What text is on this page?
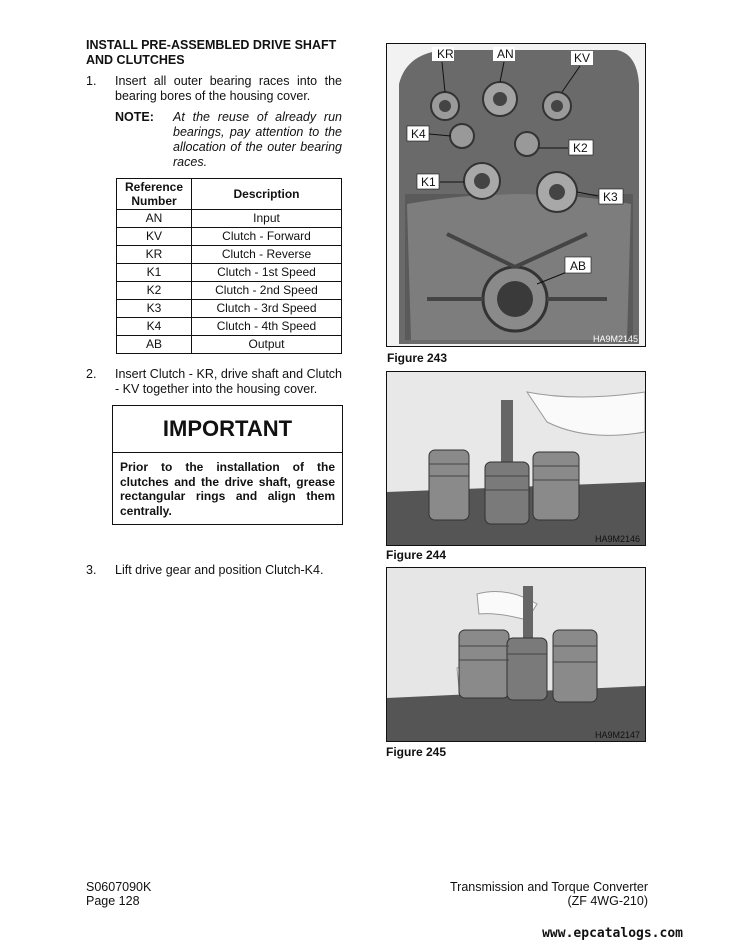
INSTALL PRE-ASSEMBLED DRIVE SHAFT AND CLUTCHES
1. Insert all outer bearing races into the bearing bores of the housing cover.
NOTE: At the reuse of already run bearings, pay attention to the allocation of the outer bearing races.
Reference Number	Description
AN	Input
KV	Clutch - Forward
KR	Clutch - Reverse
K1	Clutch - 1st Speed
K2	Clutch - 2nd Speed
K3	Clutch - 3rd Speed
K4	Clutch - 4th Speed
AB	Output
2. Insert Clutch - KR, drive shaft and Clutch - KV together into the housing cover.
IMPORTANT
Prior to the installation of the clutches and the drive shaft, grease rectangular rings and align them centrally.
3. Lift drive gear and position Clutch-K4.
KR	AN	KV
K4
K2
K1
K3
AB
HA9M2145
Figure 243
HA9M2146
Figure 244
HA9M2147
Figure 245
S0607090K
Page 128
Transmission and Torque Converter
(ZF 4WG-210)
www.epcatalogs.com
